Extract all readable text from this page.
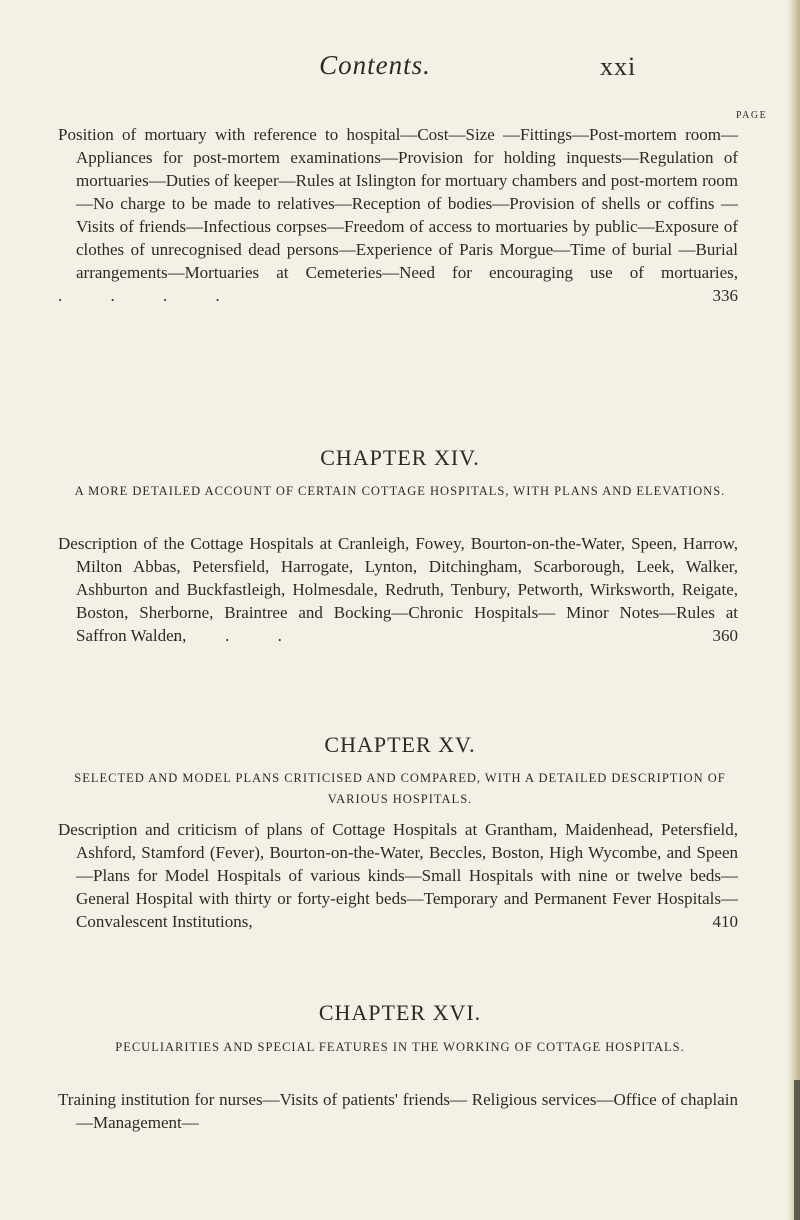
Contents.	xxi
PAGE

Position of mortuary with reference to hospital—Cost—Size —Fittings—Post-mortem room—Appliances for post-mortem examinations—Provision for holding inquests—Regulation of mortuaries—Duties of keeper—Rules at Islington for mortuary chambers and post-mortem room—No charge to be made to relatives—Reception of bodies—Provision of shells or coffins —Visits of friends—Infectious corpses—Freedom of access to mortuaries by public—Exposure of clothes of unrecognised dead persons—Experience of Paris Morgue—Time of burial —Burial arrangements—Mortuaries at Cemeteries—Need for encouraging use of mortuaries, . . . .	336

CHAPTER XIV.
A MORE DETAILED ACCOUNT OF CERTAIN COTTAGE HOSPITALS, WITH PLANS AND ELEVATIONS.

Description of the Cottage Hospitals at Cranleigh, Fowey, Bourton-on-the-Water, Speen, Harrow, Milton Abbas, Petersfield, Harrogate, Lynton, Ditchingham, Scarborough, Leek, Walker, Ashburton and Buckfastleigh, Holmesdale, Redruth, Tenbury, Petworth, Wirksworth, Reigate, Boston, Sherborne, Braintree and Bocking—Chronic Hospitals— Minor Notes—Rules at Saffron Walden, . . .	360

CHAPTER XV.
SELECTED AND MODEL PLANS CRITICISED AND COMPARED, WITH A DETAILED DESCRIPTION OF VARIOUS HOSPITALS.

Description and criticism of plans of Cottage Hospitals at Grantham, Maidenhead, Petersfield, Ashford, Stamford (Fever), Bourton-on-the-Water, Beccles, Boston, High Wycombe, and Speen—Plans for Model Hospitals of various kinds—Small Hospitals with nine or twelve beds— General Hospital with thirty or forty-eight beds—Temporary and Permanent Fever Hospitals—Convalescent Institutions,	410

CHAPTER XVI.
PECULIARITIES AND SPECIAL FEATURES IN THE WORKING OF COTTAGE HOSPITALS.

Training institution for nurses—Visits of patients' friends— Religious services—Office of chaplain—Management—
